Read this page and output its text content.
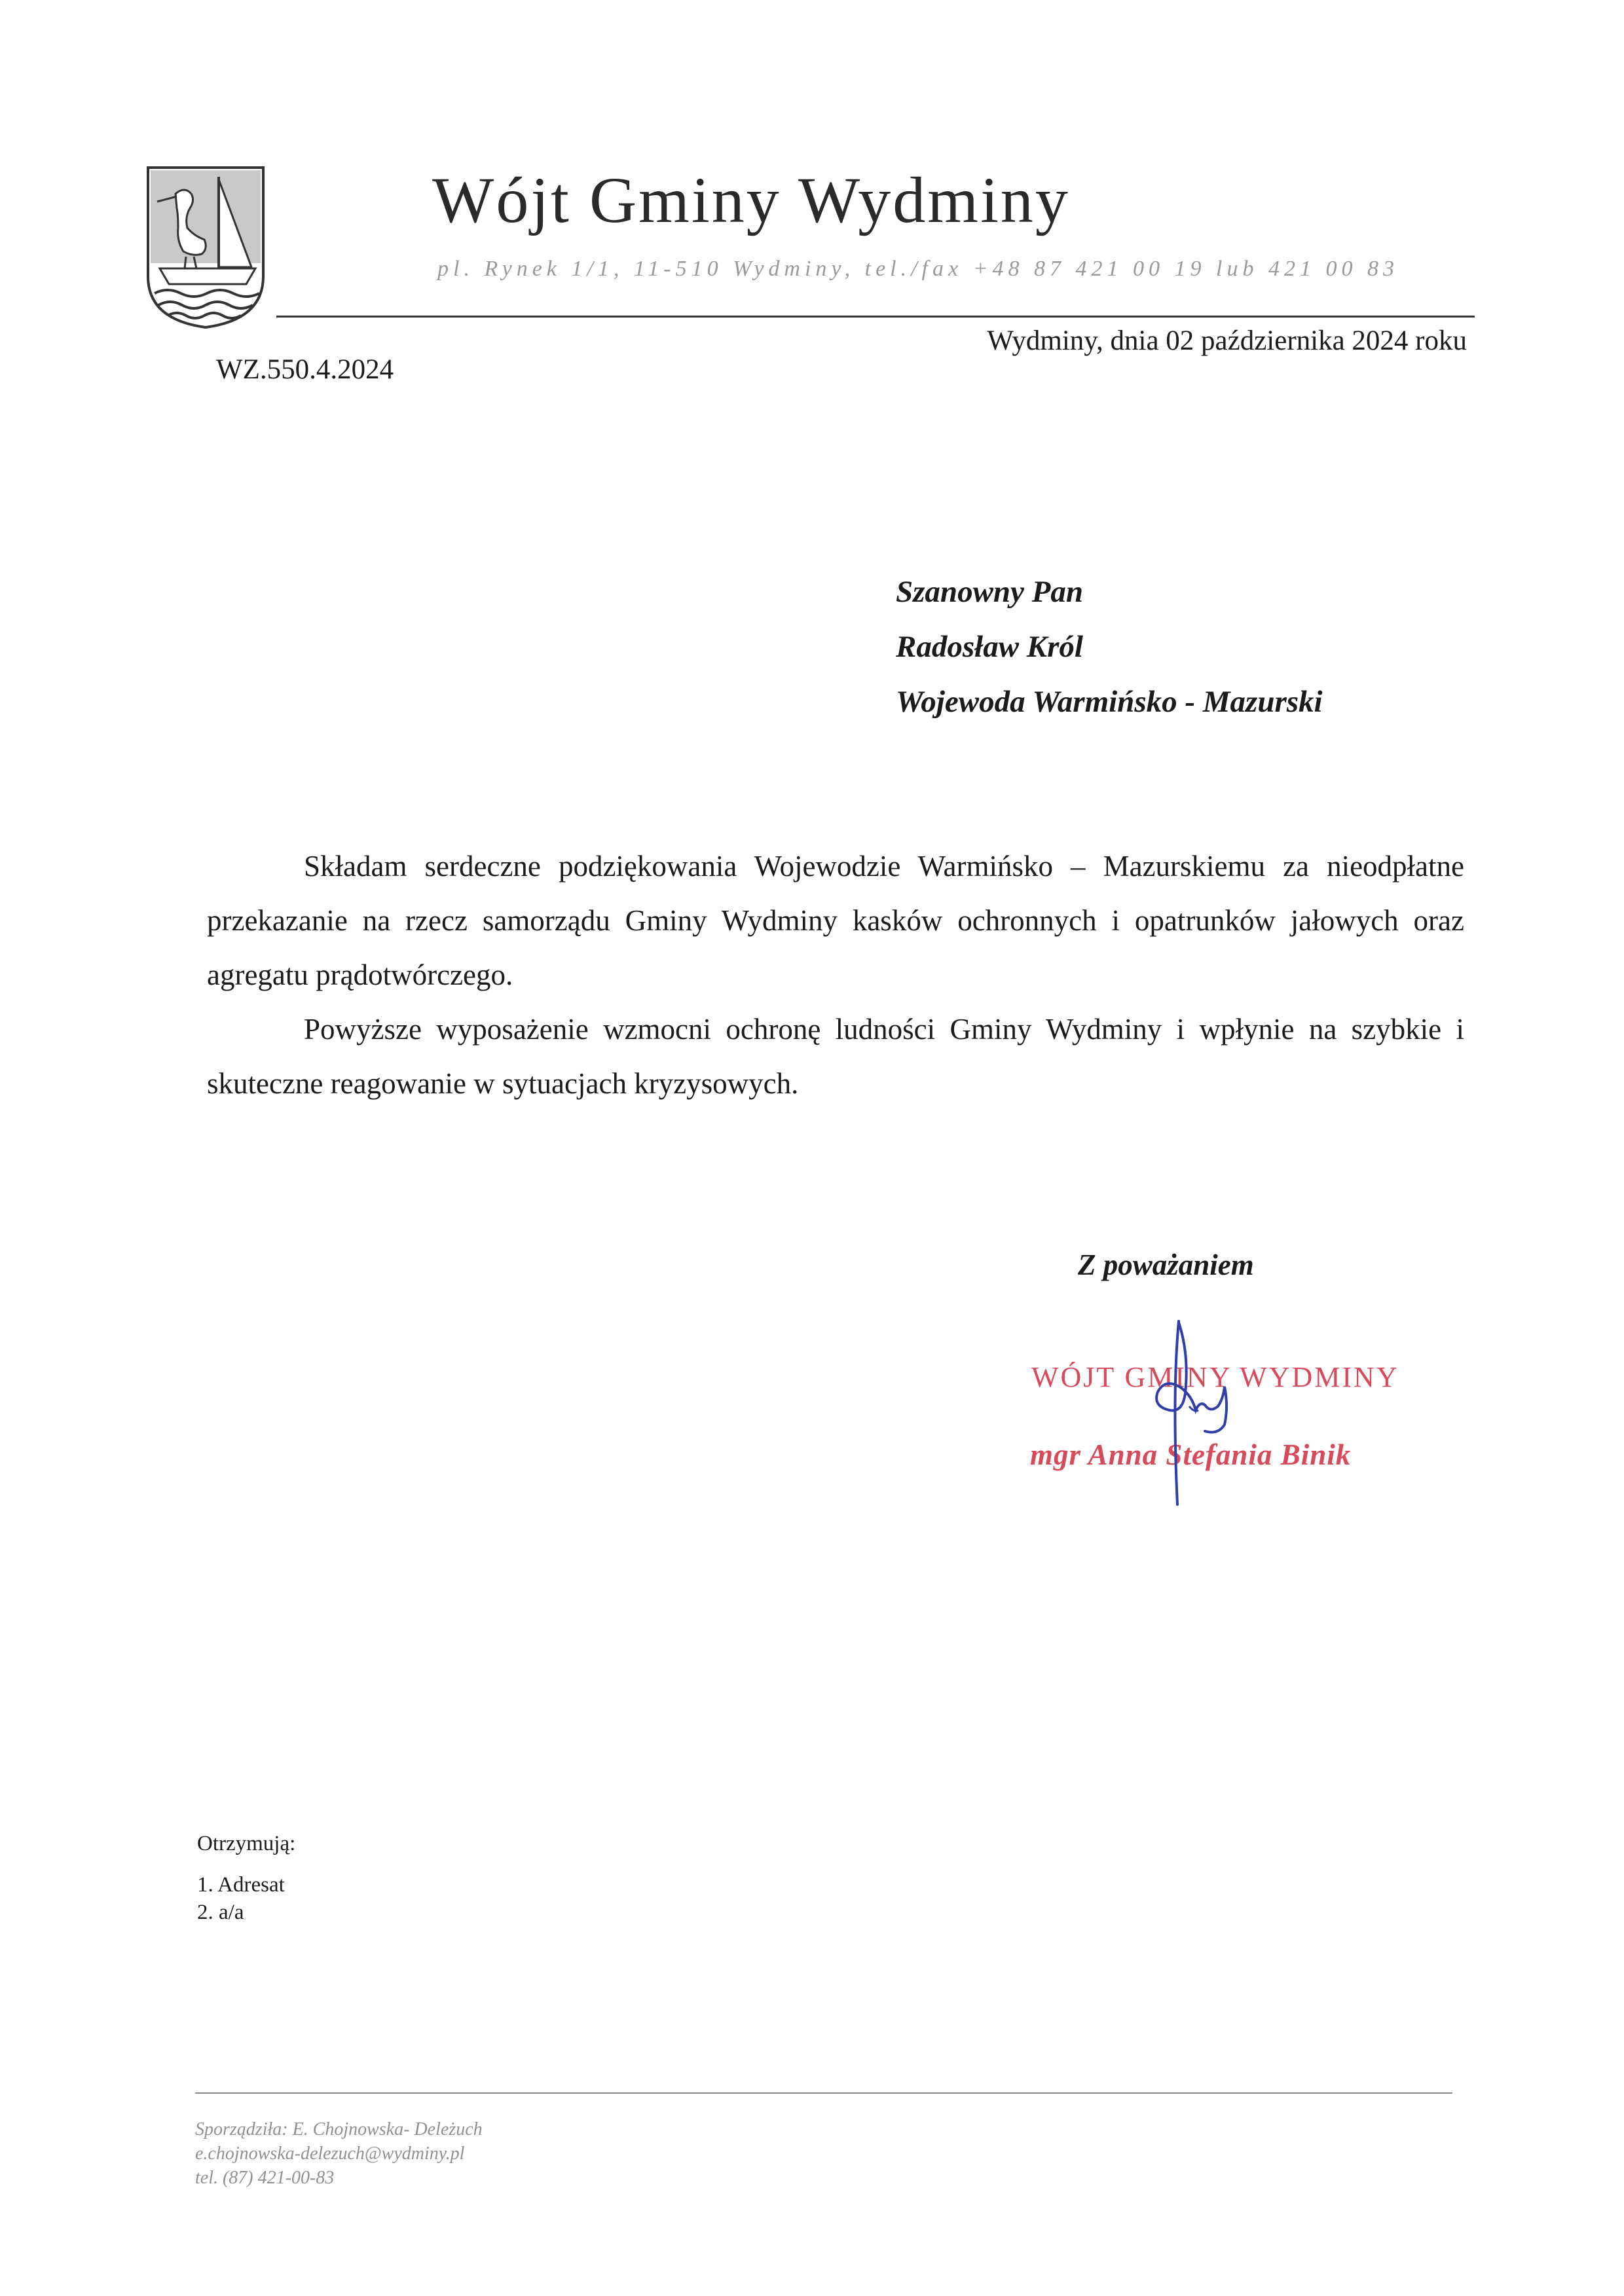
Wójt Gminy Wydminy
pl. Rynek 1/1, 11-510 Wydminy, tel./fax +48 87 421 00 19 lub 421 00 83
Wydminy, dnia 02 października 2024 roku
WZ.550.4.2024
Szanowny Pan
Radosław Król
Wojewoda Warmińsko - Mazurski

Składam serdeczne podziękowania Wojewodzie Warmińsko – Mazurskiemu za nieodpłatne przekazanie na rzecz samorządu Gminy Wydminy kasków ochronnych i opatrunków jałowych oraz agregatu prądotwórczego.

Powyższe wyposażenie wzmocni ochronę ludności Gminy Wydminy i wpłynie na szybkie i skuteczne reagowanie w sytuacjach kryzysowych.

Z poważaniem
WÓJT GMINY WYDMINY
mgr Anna Stefania Binik
Otrzymują:
1. Adresat
2. a/a
Sporządziła: E. Chojnowska- Deleżuch
e.chojnowska-delezuch@wydminy.pl
tel. (87) 421-00-83
